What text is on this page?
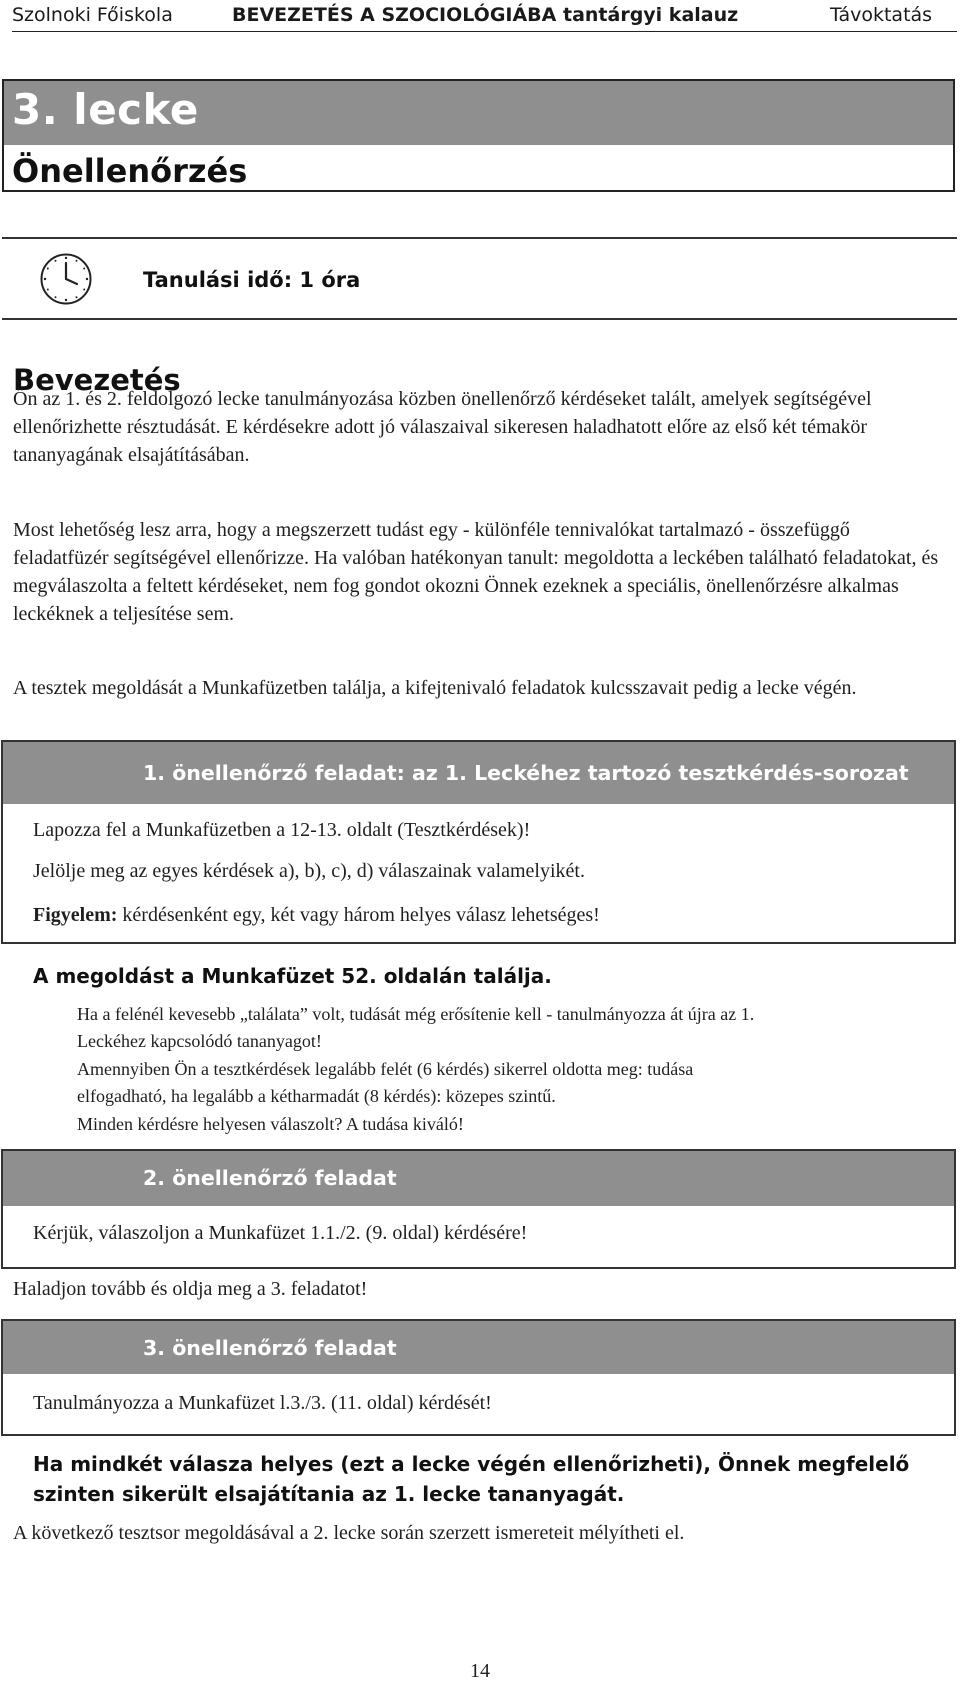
Szolnoki Főiskola	BEVEZETÉS A SZOCIOLÓGIÁBA tantárgyi kalauz	Távoktatás
3. lecke
Önellenőrzés
Tanulási idő: 1 óra
Bevezetés
Ön az 1. és 2. feldolgozó lecke tanulmányozása közben önellenőrző kérdéseket talált, amelyek segítségével ellenőrizhette résztudását. E kérdésekre adott jó válaszaival sikeresen haladhatott előre az első két témakör tananyagának elsajátításában.
Most lehetőség lesz arra, hogy a megszerzett tudást egy - különféle tennivalókat tartalmazó - összefüggő feladatfüzér segítségével ellenőrizze. Ha valóban hatékonyan tanult: megoldotta a leckében található feladatokat, és megválaszolta a feltett kérdéseket, nem fog gondot okozni Önnek ezeknek a speciális, önellenőrzésre alkalmas leckéknek a teljesítése sem.
A tesztek megoldását a Munkafüzetben találja, a kifejtenivaló feladatok kulcsszavait pedig a lecke végén.
1. önellenőrző feladat: az 1. Leckéhez tartozó tesztkérdés-sorozat
Lapozza fel a Munkafüzetben a 12-13. oldalt (Tesztkérdések)!
Jelölje meg az egyes kérdések a), b), c), d) válaszainak valamelyikét.
Figyelem: kérdésenként egy, két vagy három helyes válasz lehetséges!
A megoldást a Munkafüzet 52. oldalán találja.
Ha a felénél kevesebb „találata” volt, tudását még erősítenie kell - tanulmányozza át újra az 1.
Leckéhez kapcsolódó tananyagot!
Amennyiben Ön a tesztkérdések legalább felét (6 kérdés) sikerrel oldotta meg: tudása
elfogadható, ha legalább a kétharmadát (8 kérdés): közepes szintű.
Minden kérdésre helyesen válaszolt? A tudása kiváló!
2. önellenőrző feladat
Kérjük, válaszoljon a Munkafüzet 1.1./2. (9. oldal) kérdésére!
Haladjon tovább és oldja meg a 3. feladatot!
3. önellenőrző feladat
Tanulmányozza a Munkafüzet l.3./3. (11. oldal) kérdését!
Ha mindkét válasza helyes (ezt a lecke végén ellenőrizheti), Önnek megfelelő
szinten sikerült elsajátítania az 1. lecke tananyagát.
A következő tesztsor megoldásával a 2. lecke során szerzett ismereteit mélyítheti el.
14
